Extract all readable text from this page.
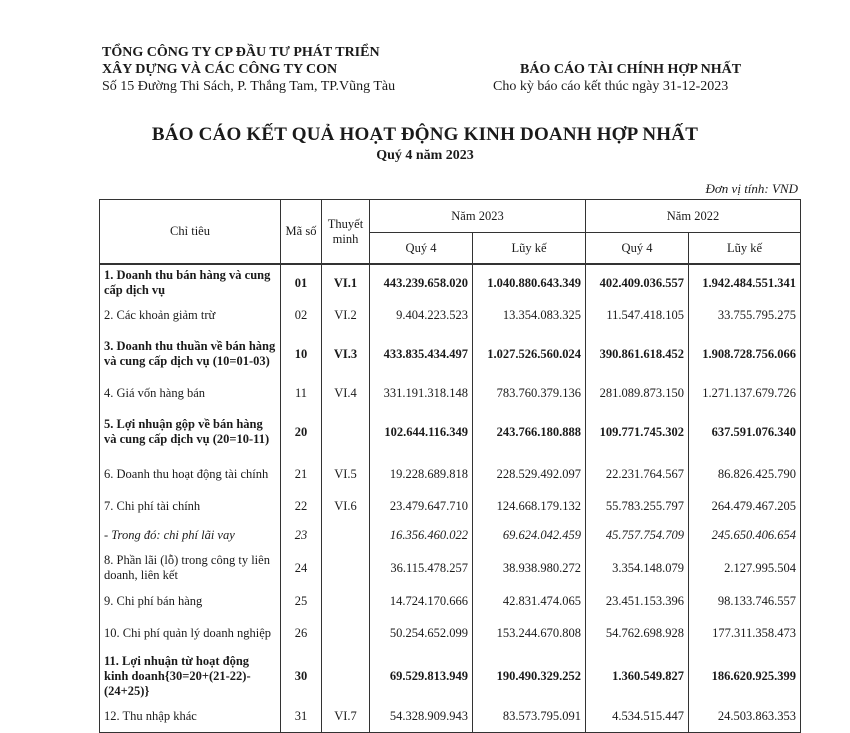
TỔNG CÔNG TY CP ĐẦU TƯ PHÁT TRIỂN
XÂY DỰNG VÀ CÁC CÔNG TY CON
Số 15 Đường Thi Sách, P. Thắng Tam, TP.Vũng Tàu
BÁO CÁO TÀI CHÍNH HỢP NHẤT
Cho kỳ báo cáo kết thúc ngày 31-12-2023
BÁO CÁO KẾT QUẢ HOẠT ĐỘNG KINH DOANH HỢP NHẤT
Quý 4 năm 2023
Đơn vị tính: VND
Chỉ tiêu	Mã số	Thuyết minh	Năm 2023		Năm 2022	
			Quý 4	Lũy kế	Quý 4	Lũy kế
1. Doanh thu bán hàng và cung cấp dịch vụ	01	VI.1	443.239.658.020	1.040.880.643.349	402.409.036.557	1.942.484.551.341
2. Các khoản giảm trừ	02	VI.2	9.404.223.523	13.354.083.325	11.547.418.105	33.755.795.275
3. Doanh thu thuần về bán hàng và cung cấp dịch vụ (10=01-03)	10	VI.3	433.835.434.497	1.027.526.560.024	390.861.618.452	1.908.728.756.066
4. Giá vốn hàng bán	11	VI.4	331.191.318.148	783.760.379.136	281.089.873.150	1.271.137.679.726
5. Lợi nhuận gộp về bán hàng và cung cấp dịch vụ (20=10-11)	20		102.644.116.349	243.766.180.888	109.771.745.302	637.591.076.340
6. Doanh thu hoạt động tài chính	21	VI.5	19.228.689.818	228.529.492.097	22.231.764.567	86.826.425.790
7. Chi phí tài chính	22	VI.6	23.479.647.710	124.668.179.132	55.783.255.797	264.479.467.205
- Trong đó: chi phí lãi vay	23		16.356.460.022	69.624.042.459	45.757.754.709	245.650.406.654
8. Phần lãi (lỗ) trong công ty liên doanh, liên kết	24		36.115.478.257	38.938.980.272	3.354.148.079	2.127.995.504
9. Chi phí bán hàng	25		14.724.170.666	42.831.474.065	23.451.153.396	98.133.746.557
10. Chi phí quản lý doanh nghiệp	26		50.254.652.099	153.244.670.808	54.762.698.928	177.311.358.473
11. Lợi nhuận từ hoạt động kinh doanh{30=20+(21-22)-(24+25)}	30		69.529.813.949	190.490.329.252	1.360.549.827	186.620.925.399
12. Thu nhập khác	31	VI.7	54.328.909.943	83.573.795.091	4.534.515.447	24.503.863.353
